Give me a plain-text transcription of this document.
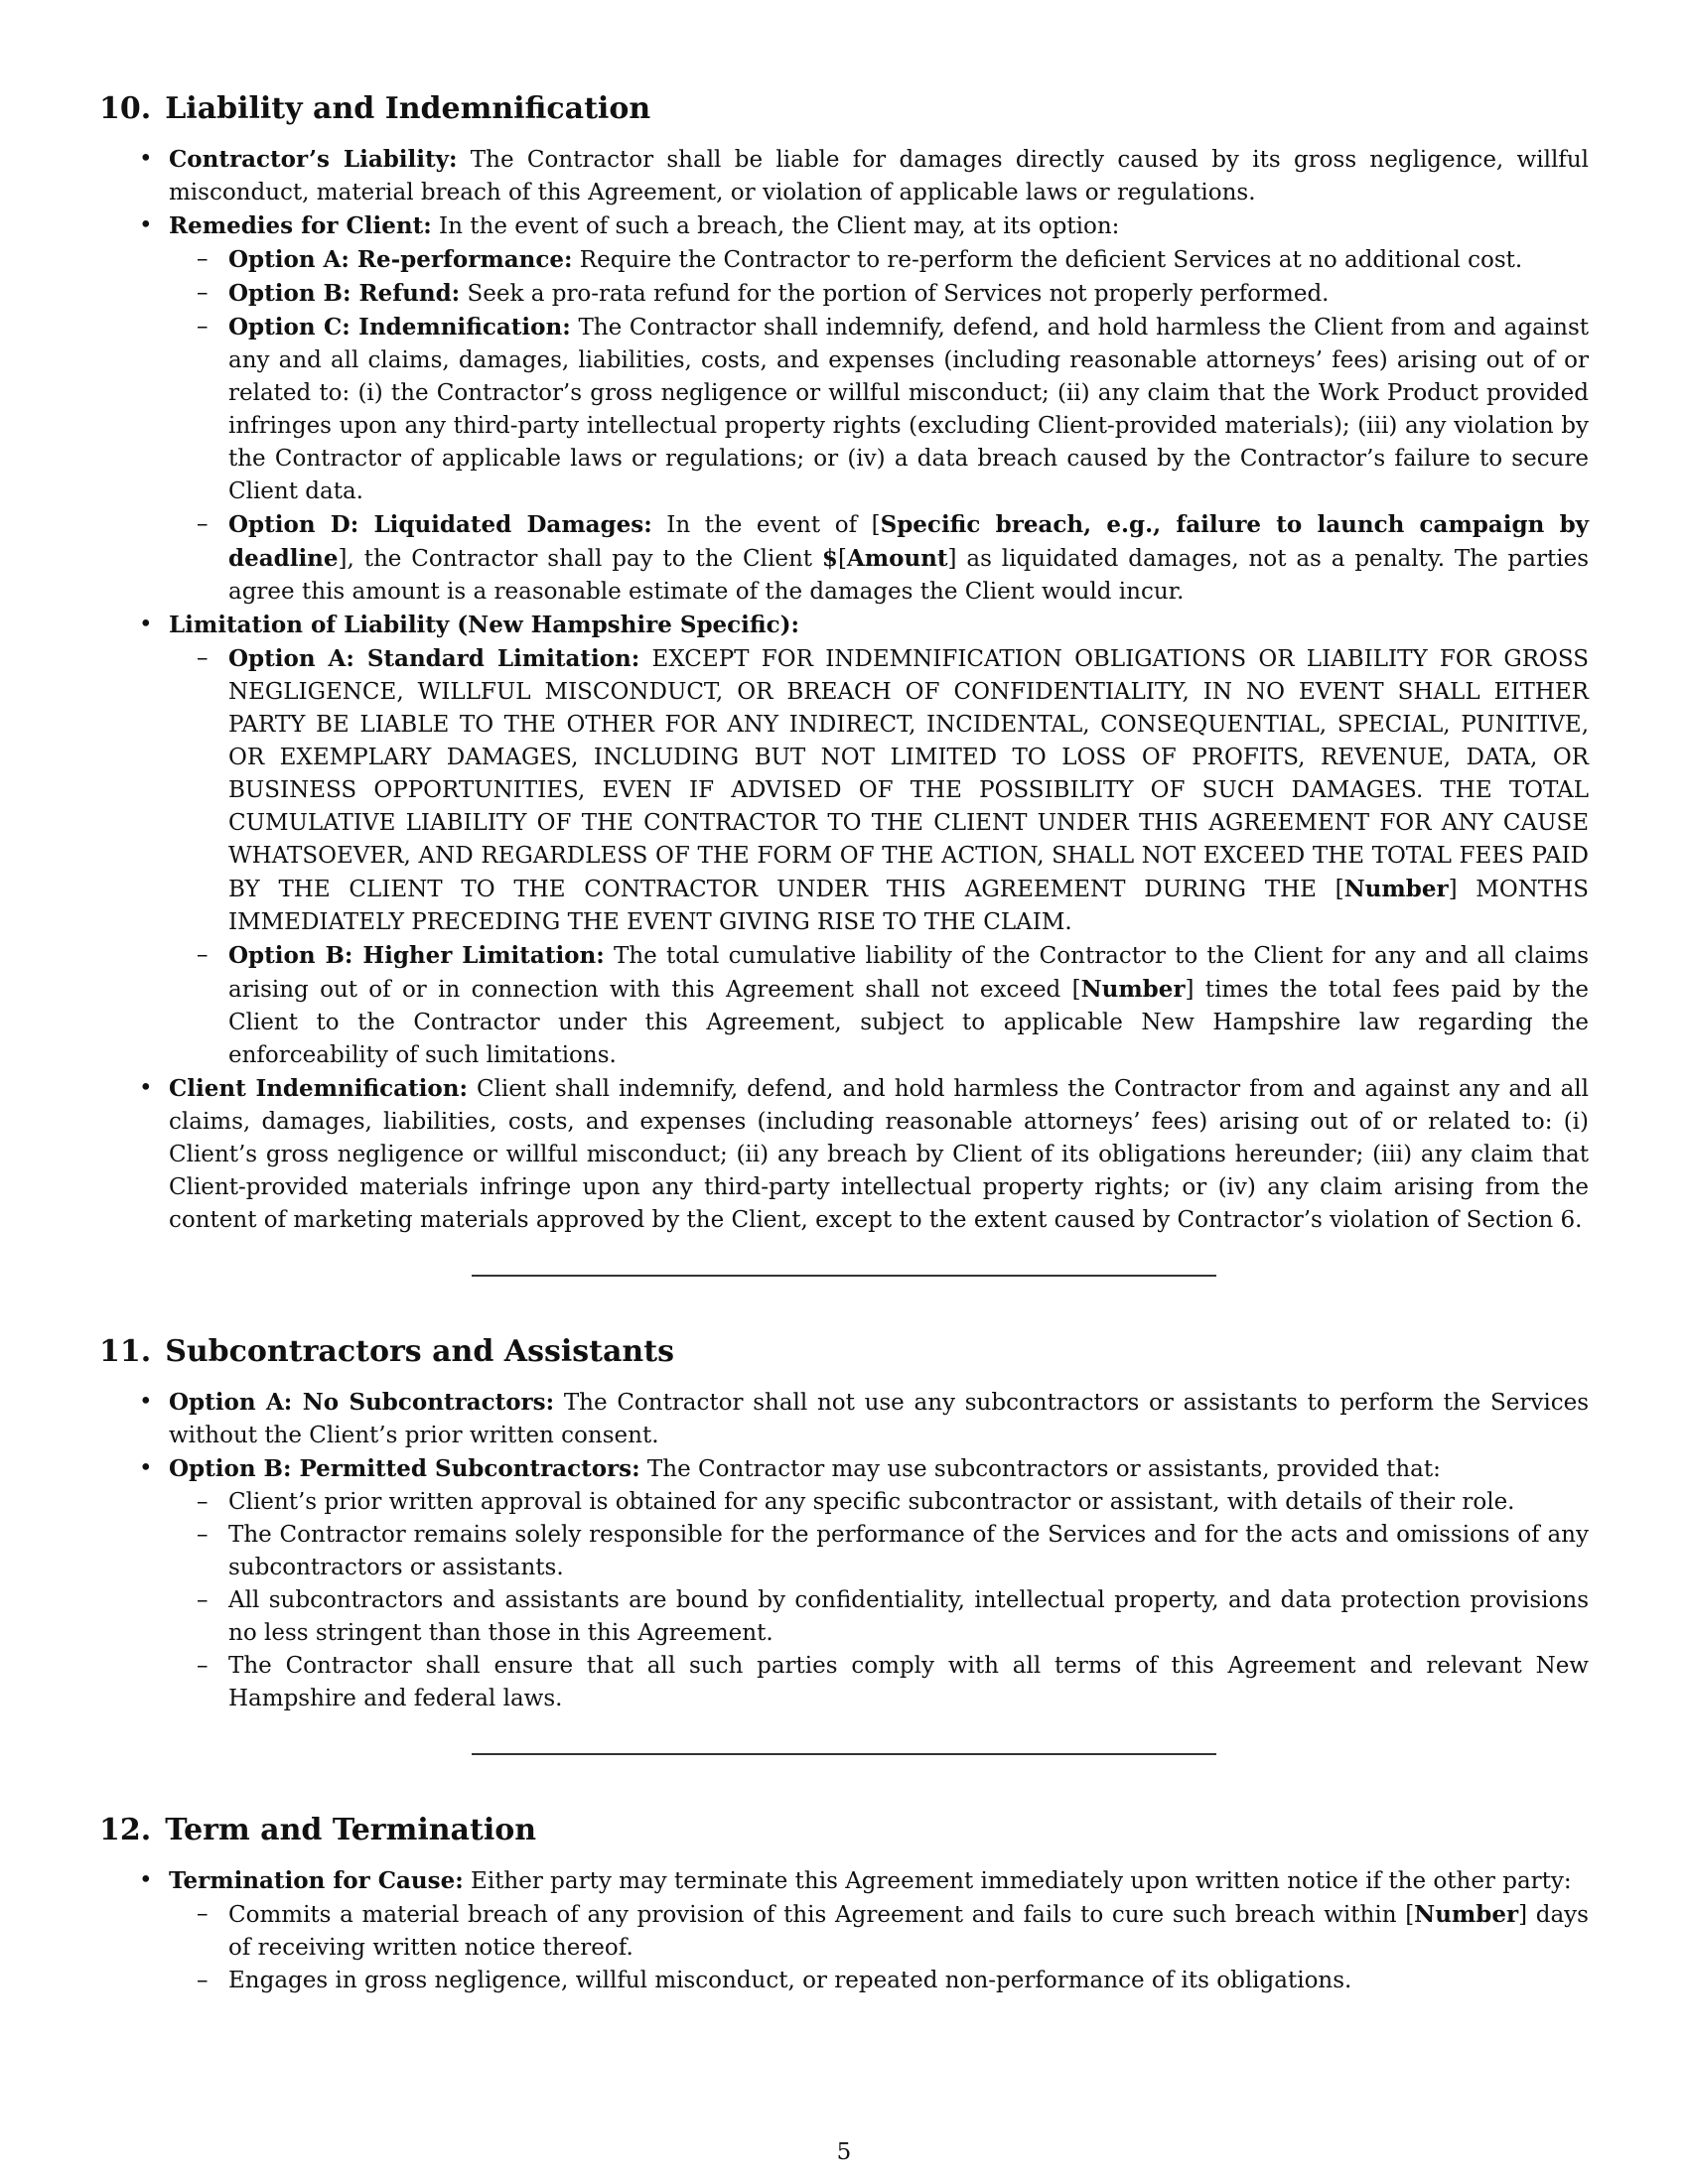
10. Liability and Indemnification
• Contractor’s Liability: The Contractor shall be liable for damages directly caused by its gross negligence, willful misconduct, material breach of this Agreement, or violation of applicable laws or regulations.
• Remedies for Client: In the event of such a breach, the Client may, at its option:
– Option A: Re-performance: Require the Contractor to re-perform the deficient Services at no additional cost.
– Option B: Refund: Seek a pro-rata refund for the portion of Services not properly performed.
– Option C: Indemnification: The Contractor shall indemnify, defend, and hold harmless the Client from and against any and all claims, damages, liabilities, costs, and expenses (including reasonable attorneys’ fees) arising out of or related to: (i) the Contractor’s gross negligence or willful misconduct; (ii) any claim that the Work Product provided infringes upon any third-party intellectual property rights (excluding Client-provided materials); (iii) any violation by the Contractor of applicable laws or regulations; or (iv) a data breach caused by the Contractor’s failure to secure Client data.
– Option D: Liquidated Damages: In the event of [Specific breach, e.g., failure to launch campaign by deadline], the Contractor shall pay to the Client $[Amount] as liquidated damages, not as a penalty. The parties agree this amount is a reasonable estimate of the damages the Client would incur.
• Limitation of Liability (New Hampshire Specific):
– Option A: Standard Limitation: EXCEPT FOR INDEMNIFICATION OBLIGATIONS OR LIABILITY FOR GROSS NEGLIGENCE, WILLFUL MISCONDUCT, OR BREACH OF CONFIDENTIALITY, IN NO EVENT SHALL EITHER PARTY BE LIABLE TO THE OTHER FOR ANY INDIRECT, INCIDENTAL, CONSEQUENTIAL, SPECIAL, PUNITIVE, OR EXEMPLARY DAMAGES, INCLUDING BUT NOT LIMITED TO LOSS OF PROFITS, REVENUE, DATA, OR BUSINESS OPPORTUNITIES, EVEN IF ADVISED OF THE POSSIBILITY OF SUCH DAMAGES. THE TOTAL CUMULATIVE LIABILITY OF THE CONTRACTOR TO THE CLIENT UNDER THIS AGREEMENT FOR ANY CAUSE WHATSOEVER, AND REGARDLESS OF THE FORM OF THE ACTION, SHALL NOT EXCEED THE TOTAL FEES PAID BY THE CLIENT TO THE CONTRACTOR UNDER THIS AGREEMENT DURING THE [Number] MONTHS IMMEDIATELY PRECEDING THE EVENT GIVING RISE TO THE CLAIM.
– Option B: Higher Limitation: The total cumulative liability of the Contractor to the Client for any and all claims arising out of or in connection with this Agreement shall not exceed [Number] times the total fees paid by the Client to the Contractor under this Agreement, subject to applicable New Hampshire law regarding the enforceability of such limitations.
• Client Indemnification: Client shall indemnify, defend, and hold harmless the Contractor from and against any and all claims, damages, liabilities, costs, and expenses (including reasonable attorneys’ fees) arising out of or related to: (i) Client’s gross negligence or willful misconduct; (ii) any breach by Client of its obligations hereunder; (iii) any claim that Client-provided materials infringe upon any third-party intellectual property rights; or (iv) any claim arising from the content of marketing materials approved by the Client, except to the extent caused by Contractor’s violation of Section 6.
11. Subcontractors and Assistants
• Option A: No Subcontractors: The Contractor shall not use any subcontractors or assistants to perform the Services without the Client’s prior written consent.
• Option B: Permitted Subcontractors: The Contractor may use subcontractors or assistants, provided that:
– Client’s prior written approval is obtained for any specific subcontractor or assistant, with details of their role.
– The Contractor remains solely responsible for the performance of the Services and for the acts and omissions of any subcontractors or assistants.
– All subcontractors and assistants are bound by confidentiality, intellectual property, and data protection provisions no less stringent than those in this Agreement.
– The Contractor shall ensure that all such parties comply with all terms of this Agreement and relevant New Hampshire and federal laws.
12. Term and Termination
• Termination for Cause: Either party may terminate this Agreement immediately upon written notice if the other party:
– Commits a material breach of any provision of this Agreement and fails to cure such breach within [Number] days of receiving written notice thereof.
– Engages in gross negligence, willful misconduct, or repeated non-performance of its obligations.
5
